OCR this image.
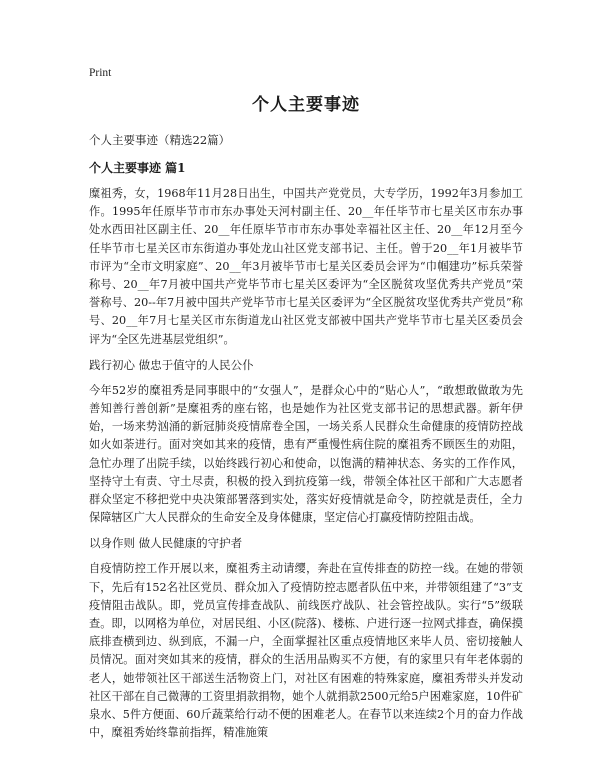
Print
个人主要事迹
个人主要事迹（精选22篇）
个人主要事迹 篇1

糜祖秀，女，1968年11月28日出生，中国共产党党员，大专学历，1992年3月参加工作。1995年任原毕节市市东办事处天河村副主任、20__年任毕节市七星关区市东办事处水西田社区副主任、20__年任原毕节市市东办事处幸福社区主任、20__年12月至今任毕节市七星关区市东街道办事处龙山社区党支部书记、主任。曾于20__年1月被毕节市评为“全市文明家庭”、20__年3月被毕节市七星关区委员会评为“巾帼建功”标兵荣誉称号、20__年7月被中国共产党毕节市七星关区委评为“全区脱贫攻坚优秀共产党员”荣誉称号、20--年7月被中国共产党毕节市七星关区委评为“全区脱贫攻坚优秀共产党员”称号、20__年7月七星关区市东街道龙山社区党支部被中国共产党毕节市七星关区委员会评为“全区先进基层党组织”。

践行初心 做忠于值守的人民公仆

今年52岁的糜祖秀是同事眼中的“女强人”，是群众心中的“贴心人”，“敢想敢做敢为先善知善行善创新”是糜祖秀的座右铭，也是她作为社区党支部书记的思想武器。新年伊始，一场来势汹涌的新冠肺炎疫情席卷全国，一场关系人民群众生命健康的疫情防控战如火如荼进行。面对突如其来的疫情，患有严重慢性病住院的糜祖秀不顾医生的劝阻，急忙办理了出院手续，以始终践行初心和使命，以饱满的精神状态、务实的工作作风，坚持守土有责、守土尽责，积极的投入到抗疫第一线，带领全体社区干部和广大志愿者群众坚定不移把党中央决策部署落到实处，落实好疫情就是命令，防控就是责任，全力保障辖区广大人民群众的生命安全及身体健康，坚定信心打赢疫情防控阻击战。

以身作则 做人民健康的守护者

自疫情防控工作开展以来，糜祖秀主动请缨，奔赴在宣传排查的防控一线。在她的带领下，先后有152名社区党员、群众加入了疫情防控志愿者队伍中来，并带领组建了“3”支疫情阻击战队。即，党员宣传排查战队、前线医疗战队、社会管控战队。实行“5”级联查。即，以网格为单位，对居民组、小区(院落)、楼栋、户进行逐一拉网式排查，确保摸底排查横到边、纵到底，不漏一户，全面掌握社区重点疫情地区来毕人员、密切接触人员情况。面对突如其来的疫情，群众的生活用品购买不方便，有的家里只有年老体弱的老人，她带领社区干部送生活物资上门，对社区有困难的特殊家庭，糜祖秀带头并发动社区干部在自己微薄的工资里捐款捐物，她个人就捐款2500元给5户困难家庭，10件矿泉水、5件方便面、60斤蔬菜给行动不便的困难老人。在春节以来连续2个月的奋力作战中，糜祖秀始终靠前指挥，精准施策
